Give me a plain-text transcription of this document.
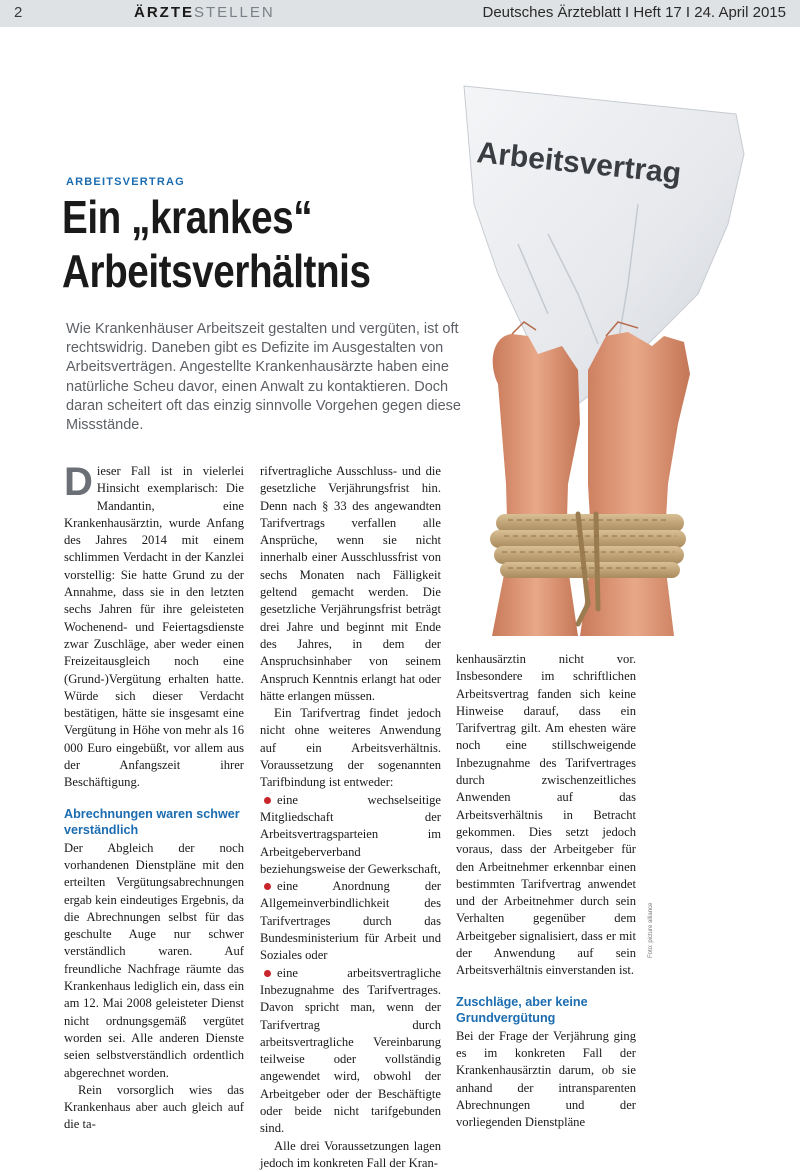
2	ÄRZTESTELLEN	Deutsches Ärzteblatt I Heft 17 I 24. April 2015
ARBEITSVERTRAG
Ein „krankes“
Arbeitsverhältnis
Wie Krankenhäuser Arbeitszeit gestalten und vergüten, ist oft rechtswidrig. Daneben gibt es Defizite im Ausgestalten von Arbeitsverträgen. Angestellte Krankenhausärzte haben eine natürliche Scheu davor, einen Anwalt zu kontaktieren. Doch daran scheitert oft das einzig sinnvolle Vorgehen gegen diese Missstände.
Arbeitsvertrag

Dieser Fall ist in vielerlei Hinsicht exemplarisch: Die Mandantin, eine Krankenhausärztin, wurde Anfang des Jahres 2014 mit einem schlimmen Verdacht in der Kanzlei vorstellig: Sie hatte Grund zu der Annahme, dass sie in den letzten sechs Jahren für ihre geleisteten Wochenend- und Feiertagsdienste zwar Zuschläge, aber weder einen Freizeitausgleich noch eine (Grund-)Vergütung erhalten hatte. Würde sich dieser Verdacht bestätigen, hätte sie insgesamt eine Vergütung in Höhe von mehr als 16 000 Euro eingebüßt, vor allem aus der Anfangszeit ihrer Beschäftigung.

Abrechnungen waren schwer verständlich

Der Abgleich der noch vorhandenen Dienstpläne mit den erteilten Vergütungsabrechnungen ergab kein eindeutiges Ergebnis, da die Abrechnungen selbst für das geschulte Auge nur schwer verständlich waren. Auf freundliche Nachfrage räumte das Krankenhaus lediglich ein, dass ein am 12. Mai 2008 geleisteter Dienst nicht ordnungsgemäß vergütet worden sei. Alle anderen Dienste seien selbstverständlich ordentlich abgerechnet worden.

Rein vorsorglich wies das Krankenhaus aber auch gleich auf die ta-

rifvertragliche Ausschluss- und die gesetzliche Verjährungsfrist hin. Denn nach § 33 des angewandten Tarifvertrags verfallen alle Ansprüche, wenn sie nicht innerhalb einer Ausschlussfrist von sechs Monaten nach Fälligkeit geltend gemacht werden. Die gesetzliche Verjährungsfrist beträgt drei Jahre und beginnt mit Ende des Jahres, in dem der Anspruchsinhaber von seinem Anspruch Kenntnis erlangt hat oder hätte erlangen müssen.

Ein Tarifvertrag findet jedoch nicht ohne weiteres Anwendung auf ein Arbeitsverhältnis. Voraussetzung der sogenannten Tarifbindung ist entweder:

eine wechselseitige Mitgliedschaft der Arbeitsvertragsparteien im Arbeitgeberverband beziehungsweise der Gewerkschaft,

eine Anordnung der Allgemeinverbindlichkeit des Tarifvertrages durch das Bundesministerium für Arbeit und Soziales oder

eine arbeitsvertragliche Inbezugnahme des Tarifvertrages. Davon spricht man, wenn der Tarifvertrag durch arbeitsvertragliche Vereinbarung teilweise oder vollständig angewendet wird, obwohl der Arbeitgeber oder der Beschäftigte oder beide nicht tarifgebunden sind.

Alle drei Voraussetzungen lagen jedoch im konkreten Fall der Kran-

kenhausärztin nicht vor. Insbesondere im schriftlichen Arbeitsvertrag fanden sich keine Hinweise darauf, dass ein Tarifvertrag gilt. Am ehesten wäre noch eine stillschweigende Inbezugnahme des Tarifvertrages durch zwischenzeitliches Anwenden auf das Arbeitsverhältnis in Betracht gekommen. Dies setzt jedoch voraus, dass der Arbeitgeber für den Arbeitnehmer erkennbar einen bestimmten Tarifvertrag anwendet und der Arbeitnehmer durch sein Verhalten gegenüber dem Arbeitgeber signalisiert, dass er mit der Anwendung auf sein Arbeitsverhältnis einverstanden ist.

Zuschläge, aber keine Grundvergütung

Bei der Frage der Verjährung ging es im konkreten Fall der Krankenhausärztin darum, ob sie anhand der intransparenten Abrechnungen und der vorliegenden Dienstpläne

Foto: picture alliance
